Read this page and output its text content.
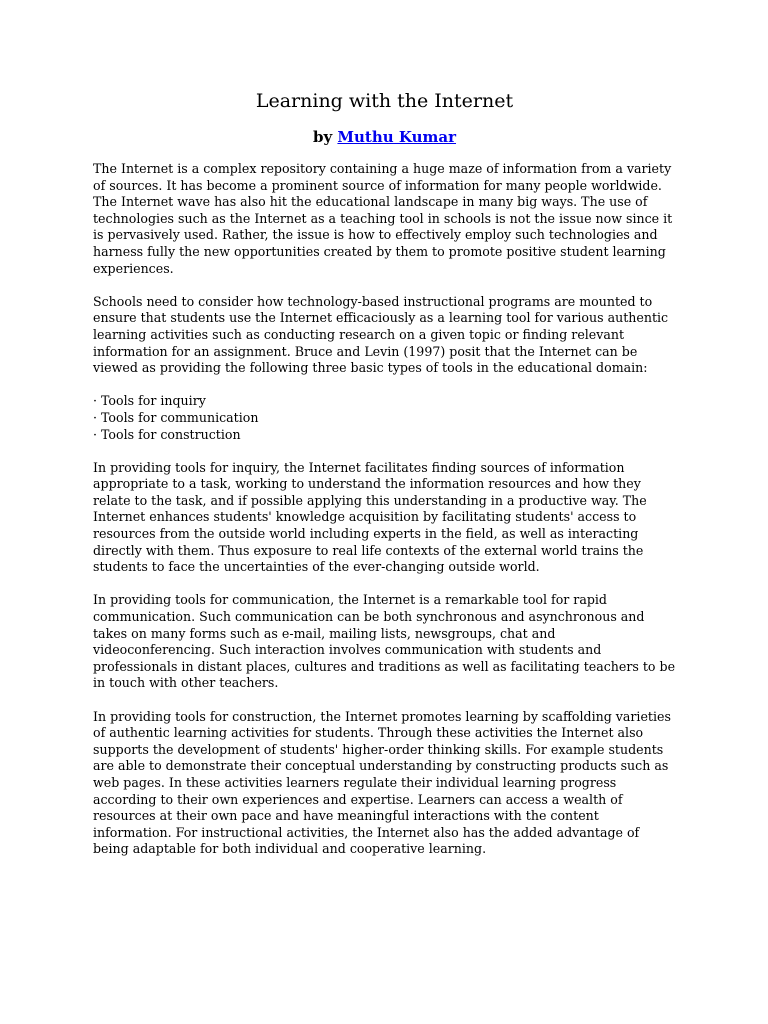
Learning with the Internet
by Muthu Kumar

The Internet is a complex repository containing a huge maze of information from a variety of sources. It has become a prominent source of information for many people worldwide. The Internet wave has also hit the educational landscape in many big ways. The use of technologies such as the Internet as a teaching tool in schools is not the issue now since it is pervasively used. Rather, the issue is how to effectively employ such technologies and harness fully the new opportunities created by them to promote positive student learning experiences.

Schools need to consider how technology-based instructional programs are mounted to ensure that students use the Internet efficaciously as a learning tool for various authentic learning activities such as conducting research on a given topic or finding relevant information for an assignment. Bruce and Levin (1997) posit that the Internet can be viewed as providing the following three basic types of tools in the educational domain:

· Tools for inquiry
· Tools for communication
· Tools for construction

In providing tools for inquiry, the Internet facilitates finding sources of information appropriate to a task, working to understand the information resources and how they relate to the task, and if possible applying this understanding in a productive way. The Internet enhances students' knowledge acquisition by facilitating students' access to resources from the outside world including experts in the field, as well as interacting directly with them. Thus exposure to real life contexts of the external world trains the students to face the uncertainties of the ever-changing outside world.

In providing tools for communication, the Internet is a remarkable tool for rapid communication. Such communication can be both synchronous and asynchronous and takes on many forms such as e-mail, mailing lists, newsgroups, chat and videoconferencing. Such interaction involves communication with students and professionals in distant places, cultures and traditions as well as facilitating teachers to be in touch with other teachers.

In providing tools for construction, the Internet promotes learning by scaffolding varieties of authentic learning activities for students. Through these activities the Internet also supports the development of students' higher-order thinking skills. For example students are able to demonstrate their conceptual understanding by constructing products such as web pages. In these activities learners regulate their individual learning progress according to their own experiences and expertise. Learners can access a wealth of resources at their own pace and have meaningful interactions with the content information. For instructional activities, the Internet also has the added advantage of being adaptable for both individual and cooperative learning.
